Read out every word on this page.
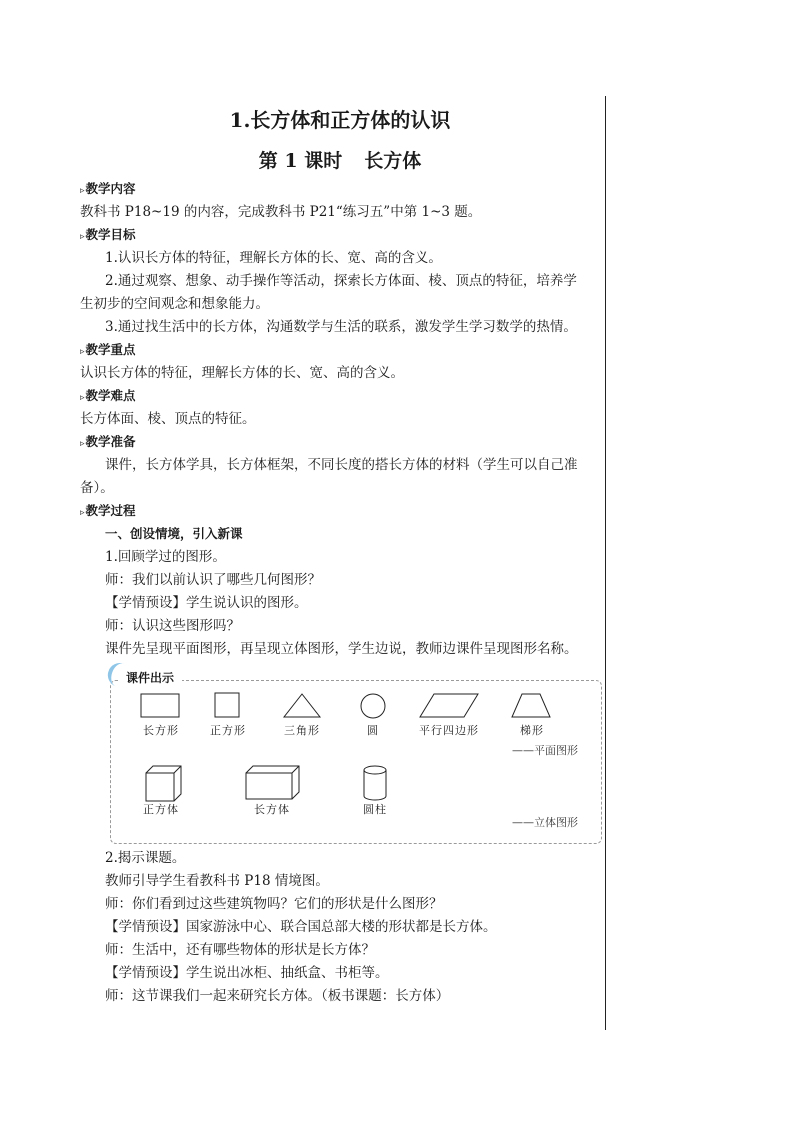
1.长方体和正方体的认识
第 1 课时 长方体
▹教学内容
教科书 P18~19 的内容，完成教科书 P21“练习五”中第 1~3 题。
▹教学目标
1.认识长方体的特征，理解长方体的长、宽、高的含义。
2.通过观察、想象、动手操作等活动，探索长方体面、棱、顶点的特征，培养学
生初步的空间观念和想象能力。
3.通过找生活中的长方体，沟通数学与生活的联系，激发学生学习数学的热情。
▹教学重点
认识长方体的特征，理解长方体的长、宽、高的含义。
▹教学难点
长方体面、棱、顶点的特征。
▹教学准备
课件，长方体学具，长方体框架，不同长度的搭长方体的材料（学生可以自己准
备）。
▹教学过程
一、创设情境，引入新课
1.回顾学过的图形。
师：我们以前认识了哪些几何图形？
【学情预设】学生说认识的图形。
师：认识这些图形吗？
课件先呈现平面图形，再呈现立体图形，学生边说，教师边课件呈现图形名称。
2.揭示课题。
教师引导学生看教科书 P18 情境图。
师：你们看到过这些建筑物吗？它们的形状是什么图形？
【学情预设】国家游泳中心、联合国总部大楼的形状都是长方体。
师：生活中，还有哪些物体的形状是长方体？
【学情预设】学生说出冰柜、抽纸盒、书柜等。
师：这节课我们一起来研究长方体。（板书课题：长方体）
课件出示
长方形	正方形	三角形	圆	平行四边形	梯形
——平面图形
正方体	长方体	圆柱
——立体图形
